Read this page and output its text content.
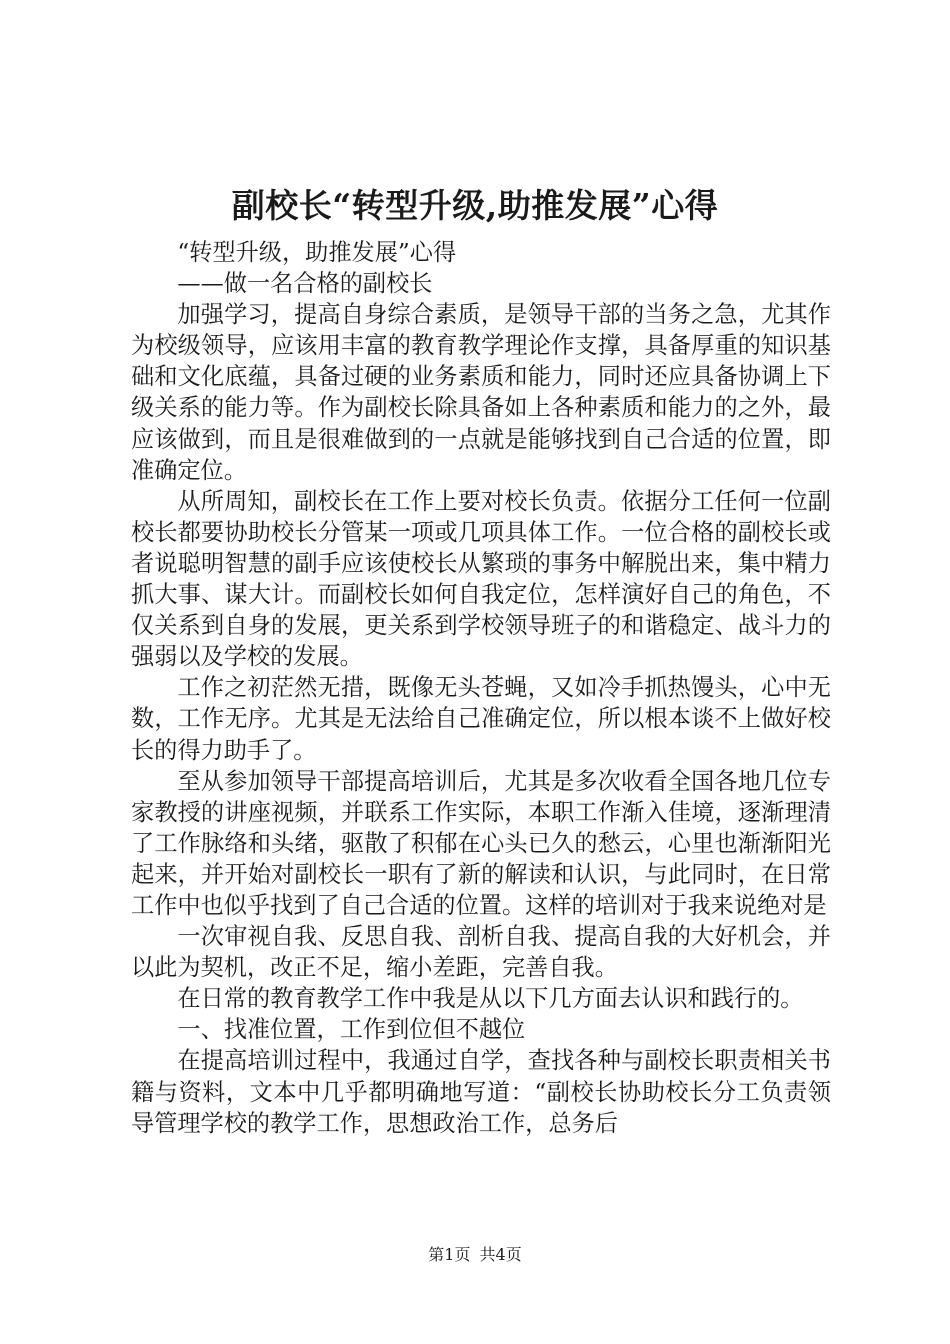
副校长“转型升级,助推发展”心得

“转型升级，助推发展”心得

——做一名合格的副校长

加强学习，提高自身综合素质，是领导干部的当务之急，尤其作为校级领导，应该用丰富的教育教学理论作支撑，具备厚重的知识基础和文化底蕴，具备过硬的业务素质和能力，同时还应具备协调上下级关系的能力等。作为副校长除具备如上各种素质和能力的之外，最应该做到，而且是很难做到的一点就是能够找到自己合适的位置，即准确定位。

从所周知，副校长在工作上要对校长负责。依据分工任何一位副校长都要协助校长分管某一项或几项具体工作。一位合格的副校长或者说聪明智慧的副手应该使校长从繁琐的事务中解脱出来，集中精力抓大事、谋大计。而副校长如何自我定位，怎样演好自己的角色，不仅关系到自身的发展，更关系到学校领导班子的和谐稳定、战斗力的强弱以及学校的发展。

工作之初茫然无措，既像无头苍蝇，又如冷手抓热馒头，心中无数，工作无序。尤其是无法给自己准确定位，所以根本谈不上做好校长的得力助手了。

至从参加领导干部提高培训后，尤其是多次收看全国各地几位专家教授的讲座视频，并联系工作实际，本职工作渐入佳境，逐渐理清了工作脉络和头绪，驱散了积郁在心头已久的愁云，心里也渐渐阳光起来，并开始对副校长一职有了新的解读和认识，与此同时，在日常工作中也似乎找到了自己合适的位置。这样的培训对于我来说绝对是

一次审视自我、反思自我、剖析自我、提高自我的大好机会，并以此为契机，改正不足，缩小差距，完善自我。

在日常的教育教学工作中我是从以下几方面去认识和践行的。

一、找准位置，工作到位但不越位

在提高培训过程中，我通过自学，查找各种与副校长职责相关书籍与资料，文本中几乎都明确地写道：“副校长协助校长分工负责领导管理学校的教学工作，思想政治工作，总务后

第1页 共4页
